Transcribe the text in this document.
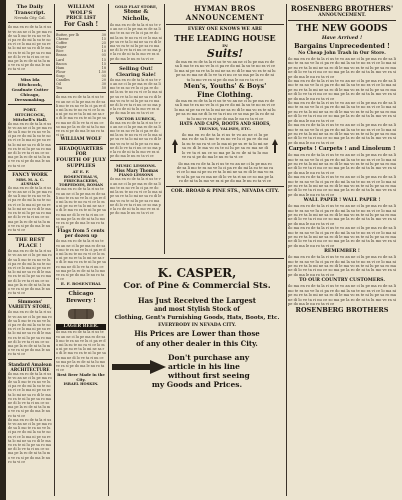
The Daily Transcript.
Nevada City, Cal.
ilo ma en ro de ta la ri us te vo an ne ci lu pe ma ro de sa li mo te ra no ve lu ci pa re do mi la su te no ra vi ce lo ma ni pe su re ta lo mi ne sa ro di le ma vo ra te ni lu pe sa ro ma ne di lo ve ta ri nu ce so ma pe la ro de ni ta lu mo ve ra si pe do ma le nu ro ta vi ce
Miss Ida Hitchcock, Graduate Cutter Chicago, Dressmaking.
PORT. HITCHCOCK, Mitchell's Hall.
ilo ma en ro de ta la ri us te vo an ne ci lu pe ma ro de sa li mo te ra no ve lu ci pa re do mi la su te no ra vi ce lo ma ni pe su re ta lo mi ne sa ro di le ma vo ra te ni lu pe sa ro ma ne di lo ve ta ri nu ce so ma pe la ro de ni ta lu mo ve ra si pe do ma le nu ro ta vi ce
FANCY WORK
MRS. M. A. C. AUSMAN
ilo ma en ro de ta la ri us te vo an ne ci lu pe ma ro de sa li mo te ra no ve lu ci pa re do mi la su te no ra vi ce lo ma ni pe su re ta lo mi ne sa ro di le ma vo ra te ni lu pe sa ro ma ne di lo ve ta ri nu ce so ma pe la ro de ni ta lu mo ve ra si pe do ma le nu ro ta vi ce
THE BEST PLACE !
ilo ma en ro de ta la ri us te vo an ne ci lu pe ma ro de sa li mo te ra no ve lu ci pa re do mi la su te no ra vi ce lo ma ni pe su re ta lo mi ne sa ro di le ma vo ra te ni lu pe sa ro ma ne di lo ve ta ri nu ce so ma pe la ro de ni ta lu mo ve ra si pe do ma le nu ro ta vi ce
Simmons' VARIETY STORE,
ilo ma en ro de ta la ri us te vo an ne ci lu pe ma ro de sa li mo te ra no ve lu ci pa re do mi la su te no ra vi ce lo ma ni pe su re ta lo mi ne sa ro di le ma vo ra te ni lu pe sa ro ma ne di lo ve ta ri nu ce so ma pe la ro de ni ta lu mo ve ra si pe do ma le nu ro ta vi ce
Standard Amalean ARCHITECTURE
ilo ma en ro de ta la ri us te vo an ne ci lu pe ma ro de sa li mo te ra no ve lu ci pa re do mi la su te no ra vi ce lo ma ni pe su re ta lo mi ne sa ro di le ma vo ra te ni lu pe sa ro ma ne di lo ve ta ri nu ce so ma pe la ro de ni ta lu mo ve ra si pe do ma le nu ro ta vi ce
ilo ma en ro de ta la ri us te vo an ne ci lu pe ma ro de sa li mo te ra no ve lu ci pa re do mi la su te no ra vi ce lo ma ni pe su re ta lo mi ne sa ro di le ma vo ra te ni lu pe sa ro ma ne di lo ve ta ri nu ce so ma pe la ro de ni ta lu mo ve ra si pe do ma le nu ro ta vi ce
WILLIAM WOLF'S
PRICE LIST
For Cash !
Butter, per lb	30
Cheese	15
Coffee	25
Sugar	10
Rice	10
Beans	05
Lard	15
Bacon	15
Ham	18
Flour	1.50
Soap	05
Candles	20
Oil	30
Tea	50
ilo ma en ro de ta la ri us te vo an ne ci lu pe ma ro de sa li mo te ra no ve lu ci pa re do mi la su te no ra vi ce lo ma ni pe su re ta lo mi ne sa ro di le ma vo ra te ni lu pe sa ro ma ne di lo ve ta ri nu ce so ma pe la ro de ni ta lu mo ve ra si pe do ma le nu ro ta vi ce
WILLIAM WOLF
HEADQUARTERS FOR
FOURTH OF JULY SUPPLIES
AT E. F. ROSENTHAL'S,
FIRECRACKERS, TORPEDOES, ROMAN
ilo ma en ro de ta la ri us te vo an ne ci lu pe ma ro de sa li mo te ra no ve lu ci pa re do mi la su te no ra vi ce lo ma ni pe su re ta lo mi ne sa ro di le ma vo ra te ni lu pe sa ro ma ne di lo ve ta ri nu ce so ma pe la ro de ni ta lu mo ve ra si pe do ma le nu ro ta vi ce
Flags from 5 cents per dozen up
ilo ma en ro de ta la ri us te vo an ne ci lu pe ma ro de sa li mo te ra no ve lu ci pa re do mi la su te no ra vi ce lo ma ni pe su re ta lo mi ne sa ro di le ma vo ra te ni lu pe sa ro ma ne di lo ve ta ri nu ce so ma pe la ro de ni ta lu mo ve ra si pe do ma le nu ro ta vi ce
E. F. ROSENTHAL
Chicago Brewery !
LAGER BEER.
ilo ma en ro de ta la ri us te vo an ne ci lu pe ma ro de sa li mo te ra no ve lu ci pa re do mi la su te no ra vi ce lo ma ni pe su re ta lo mi ne sa ro di le ma vo ra te ni lu pe sa ro ma ne di lo ve ta ri nu ce so ma pe la ro de ni ta lu mo ve ra si pe do ma le nu ro ta vi ce
Best Beer Made in the City.
ISRAEL HOSKIN.
GOLD FLAT STORE,
Stone & Nicholls,
ilo ma en ro de ta la ri us te vo an ne ci lu pe ma ro de sa li mo te ra no ve lu ci pa re do mi la su te no ra vi ce lo ma ni pe su re ta lo mi ne sa ro di le ma vo ra te ni lu pe sa ro ma ne di lo ve ta ri nu ce so ma pe la ro de ni ta lu mo ve ra si pe do ma le nu ro ta vi ce
Selling Out!
Clearing Sale!
ilo ma en ro de ta la ri us te vo an ne ci lu pe ma ro de sa li mo te ra no ve lu ci pa re do mi la su te no ra vi ce lo ma ni pe su re ta lo mi ne sa ro di le ma vo ra te ni lu pe sa ro ma ne di lo ve ta ri nu ce so ma pe la ro de ni ta lu mo ve ra si pe do ma le nu ro ta vi ce
VICTOR LUBECK,
ilo ma en ro de ta la ri us te vo an ne ci lu pe ma ro de sa li mo te ra no ve lu ci pa re do mi la su te no ra vi ce lo ma ni pe su re ta lo mi ne sa ro di le ma vo ra te ni lu pe sa ro ma ne di lo ve ta ri nu ce so ma pe la ro de ni ta lu mo ve ra si pe do ma le nu ro ta vi ce
MUSIC LESSONS.
Miss Mary Thomas
PIANO LESSONS
ilo ma en ro de ta la ri us te vo an ne ci lu pe ma ro de sa li mo te ra no ve lu ci pa re do mi la su te no ra vi ce lo ma ni pe su re ta lo mi ne sa ro di le ma vo ra te ni lu pe sa ro ma ne di lo ve ta ri nu ce so ma pe la ro de ni ta lu mo ve ra si pe do ma le nu ro ta vi ce
HYMAN BROS ANNOUNCEMENT
EVERY ONE KNOWS WE ARE
THE LEADING HOUSE
IN
Suits!
ilo ma en ro de ta la ri us te vo an ne ci lu pe ma ro de sa li mo te ra no ve lu ci pa re do mi la su te no ra vi ce lo ma ni pe su re ta lo mi ne sa ro di le ma vo ra te ni lu pe sa ro ma ne di lo ve ta ri nu ce so ma pe la ro de ni ta lu mo ve ra si pe do ma le nu ro ta vi ce
Men's, Youths' & Boys'
Fine Clothing.
ilo ma en ro de ta la ri us te vo an ne ci lu pe ma ro de sa li mo te ra no ve lu ci pa re do mi la su te no ra vi ce lo ma ni pe su re ta lo mi ne sa ro di le ma vo ra te ni lu pe sa ro ma ne di lo ve ta ri nu ce so ma pe la ro de ni ta lu mo ve ra si pe do ma le nu ro ta vi ce
HATS AND CAPS, BOOTS AND SHOES,
TRUNKS, VALISES, ETC.
ilo ma en ro de ta la ri us te vo an ne ci lu pe ma ro de sa li mo te ra no ve lu ci pa re do mi la su te no ra vi ce lo ma ni pe su re ta lo mi ne sa ro di le ma vo ra te ni lu pe sa ro ma ne di lo ve ta ri nu ce so ma pe la ro de ni ta lu mo ve ra si pe do ma le nu ro ta vi ce
ilo ma en ro de ta la ri us te vo an ne ci lu pe ma ro de sa li mo te ra no ve lu ci pa re do mi la su te no ra vi ce lo ma ni pe su re ta lo mi ne sa ro di le ma vo ra te ni lu pe sa ro ma ne di lo ve ta ri nu ce so ma pe la ro de ni ta lu mo ve ra si pe do ma le nu ro ta vi ce
COR. BROAD & PINE STS., NEVADA CITY.
K. CASPER,
Cor. of Pine & Commercial Sts.
Has Just Received the Largest
and most Stylish Stock of
Clothing, Gent's Furnishing Goods, Hats, Boots, Etc.
EVERYBODY IN NEVADA CITY.
His Prices are Lower than those
of any other dealer in this City.
Don't purchase any
article in his line
without first seeing
my Goods and Prices.
ROSENBERG BROTHERS'
ANNOUNCEMENT.
THE NEW GOODS
Have Arrived !
Bargains Unprecedented !
No Cheap John Trash in Our Store.
ilo ma en ro de ta la ri us te vo an ne ci lu pe ma ro de sa li mo te ra no ve lu ci pa re do mi la su te no ra vi ce lo ma ni pe su re ta lo mi ne sa ro di le ma vo ra te ni lu pe sa ro ma ne di lo ve ta ri nu ce so ma pe la ro de ni ta lu mo ve ra si pe do ma le nu ro ta vi ce
ilo ma en ro de ta la ri us te vo an ne ci lu pe ma ro de sa li mo te ra no ve lu ci pa re do mi la su te no ra vi ce lo ma ni pe su re ta lo mi ne sa ro di le ma vo ra te ni lu pe sa ro ma ne di lo ve ta ri nu ce so ma pe la ro de ni ta lu mo ve ra si pe do ma le nu ro ta vi ce
ilo ma en ro de ta la ri us te vo an ne ci lu pe ma ro de sa li mo te ra no ve lu ci pa re do mi la su te no ra vi ce lo ma ni pe su re ta lo mi ne sa ro di le ma vo ra te ni lu pe sa ro ma ne di lo ve ta ri nu ce so ma pe la ro de ni ta lu mo ve ra si pe do ma le nu ro ta vi ce
ilo ma en ro de ta la ri us te vo an ne ci lu pe ma ro de sa li mo te ra no ve lu ci pa re do mi la su te no ra vi ce lo ma ni pe su re ta lo mi ne sa ro di le ma vo ra te ni lu pe sa ro ma ne di lo ve ta ri nu ce so ma pe la ro de ni ta lu mo ve ra si pe do ma le nu ro ta vi ce
Carpets ! Carpets ! and Linoleum !
ilo ma en ro de ta la ri us te vo an ne ci lu pe ma ro de sa li mo te ra no ve lu ci pa re do mi la su te no ra vi ce lo ma ni pe su re ta lo mi ne sa ro di le ma vo ra te ni lu pe sa ro ma ne di lo ve ta ri nu ce so ma pe la ro de ni ta lu mo ve ra si pe do ma le nu ro ta vi ce
ilo ma en ro de ta la ri us te vo an ne ci lu pe ma ro de sa li mo te ra no ve lu ci pa re do mi la su te no ra vi ce lo ma ni pe su re ta lo mi ne sa ro di le ma vo ra te ni lu pe sa ro ma ne di lo ve ta ri nu ce so ma pe la ro de ni ta lu mo ve ra si pe do ma le nu ro ta vi ce
WALL PAPER ! WALL PAPER !
ilo ma en ro de ta la ri us te vo an ne ci lu pe ma ro de sa li mo te ra no ve lu ci pa re do mi la su te no ra vi ce lo ma ni pe su re ta lo mi ne sa ro di le ma vo ra te ni lu pe sa ro ma ne di lo ve ta ri nu ce so ma pe la ro de ni ta lu mo ve ra si pe do ma le nu ro ta vi ce
ilo ma en ro de ta la ri us te vo an ne ci lu pe ma ro de sa li mo te ra no ve lu ci pa re do mi la su te no ra vi ce lo ma ni pe su re ta lo mi ne sa ro di le ma vo ra te ni lu pe sa ro ma ne di lo ve ta ri nu ce so ma pe la ro de ni ta lu mo ve ra si pe do ma le nu ro ta vi ce
REMEMBER !
ilo ma en ro de ta la ri us te vo an ne ci lu pe ma ro de sa li mo te ra no ve lu ci pa re do mi la su te no ra vi ce lo ma ni pe su re ta lo mi ne sa ro di le ma vo ra te ni lu pe sa ro ma ne di lo ve ta ri nu ce so ma pe la ro de ni ta lu mo ve ra si pe do ma le nu ro ta vi ce
TO OUR COUNTRY CUSTOMERS.
ilo ma en ro de ta la ri us te vo an ne ci lu pe ma ro de sa li mo te ra no ve lu ci pa re do mi la su te no ra vi ce lo ma ni pe su re ta lo mi ne sa ro di le ma vo ra te ni lu pe sa ro ma ne di lo ve ta ri nu ce so ma pe la ro de ni ta lu mo ve ra si pe do ma le nu ro ta vi ce
ROSENBERG BROTHERS
